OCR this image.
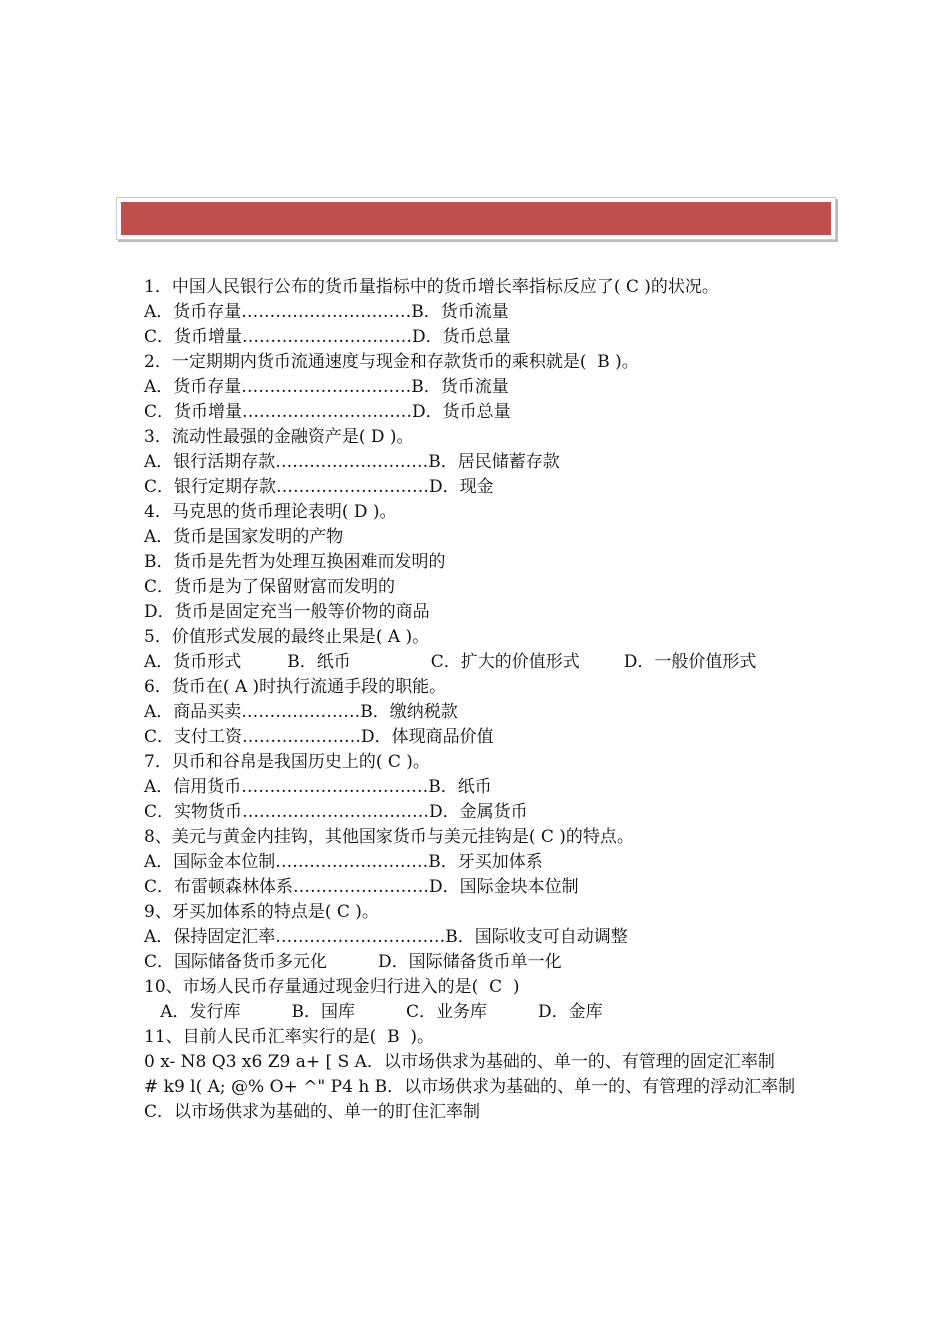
1．中国人民银行公布的货币量指标中的货币增长率指标反应了( C )的状况。
A．货币存量…………………………B．货币流量
C．货币增量…………………………D．货币总量
2．一定期期内货币流通速度与现金和存款货币的乘积就是(  B )。
A．货币存量…………………………B．货币流量
C．货币增量…………………………D．货币总量
3．流动性最强的金融资产是( D )。
A．银行活期存款………………………B．居民储蓄存款
C．银行定期存款………………………D．现金
4．马克思的货币理论表明( D )。
A．货币是国家发明的产物
B．货币是先哲为处理互换困难而发明的
C．货币是为了保留财富而发明的
D．货币是固定充当一般等价物的商品
5．价值形式发展的最终止果是( A )。
A．货币形式	B．纸币	C．扩大的价值形式	D．一般价值形式
6．货币在( A )时执行流通手段的职能。
A．商品买卖…………………B．缴纳税款
C．支付工资…………………D．体现商品价值
7．贝币和谷帛是我国历史上的( C )。
A．信用货币……………………………B．纸币
C．实物货币……………………………D．金属货币
8、美元与黄金内挂钩，其他国家货币与美元挂钩是( C )的特点。
A．国际金本位制………………………B．牙买加体系
C．布雷顿森林体系……………………D．国际金块本位制
9、牙买加体系的特点是( C )。
A．保持固定汇率…………………………B．国际收支可自动调整
C．国际储备货币多元化　　　D．国际储备货币单一化
10、市场人民币存量通过现金归行进入的是(  C  )
A．发行库　　　B．国库　　　C．业务库　　　D．金库
11、目前人民币汇率实行的是(  B  )。
0 x- N8 Q3 x6 Z9 a+ [ S A．以市场供求为基础的、单一的、有管理的固定汇率制
# k9 l( A; @% O+ ^" P4 h B．以市场供求为基础的、单一的、有管理的浮动汇率制
C．以市场供求为基础的、单一的盯住汇率制
